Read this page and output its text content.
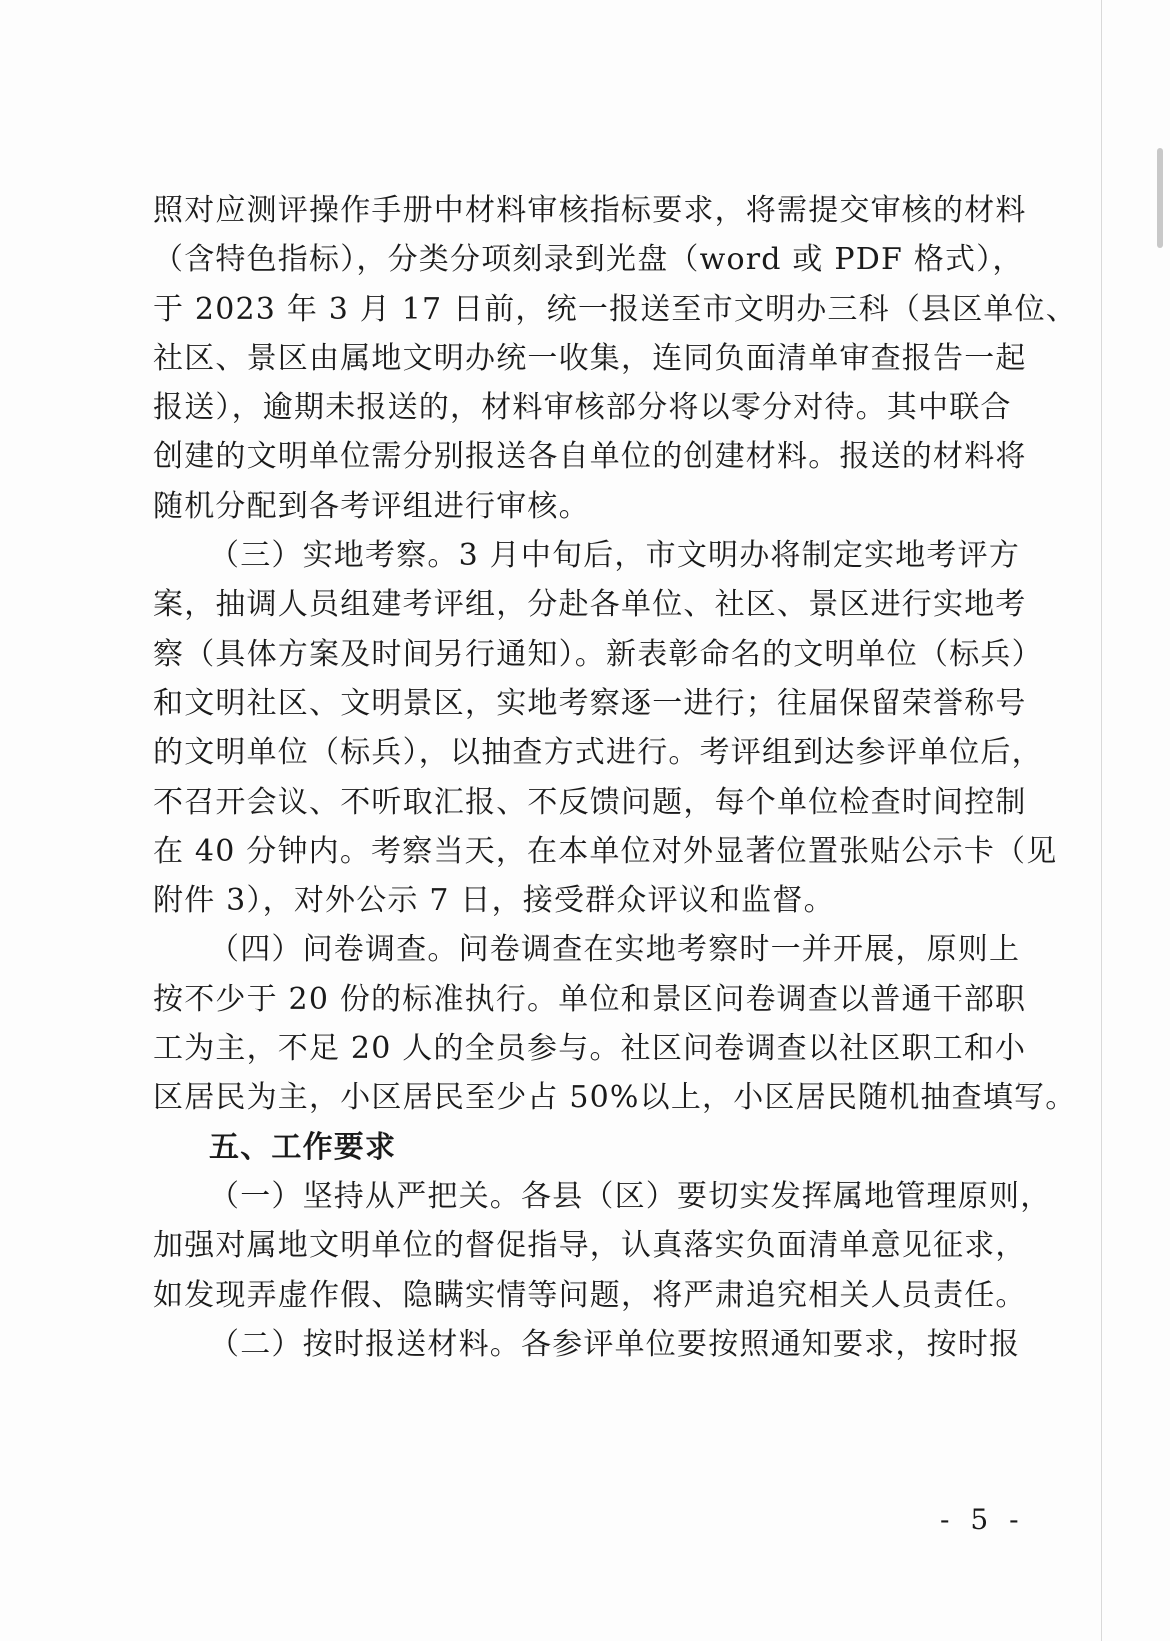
照对应测评操作手册中材料审核指标要求，将需提交审核的材料
（含特色指标），分类分项刻录到光盘（word 或 PDF 格式），
于 2023 年 3 月 17 日前，统一报送至市文明办三科（县区单位、
社区、景区由属地文明办统一收集，连同负面清单审查报告一起
报送），逾期未报送的，材料审核部分将以零分对待。其中联合
创建的文明单位需分别报送各自单位的创建材料。报送的材料将
随机分配到各考评组进行审核。
（三）实地考察。3 月中旬后，市文明办将制定实地考评方
案，抽调人员组建考评组，分赴各单位、社区、景区进行实地考
察（具体方案及时间另行通知）。新表彰命名的文明单位（标兵）
和文明社区、文明景区，实地考察逐一进行；往届保留荣誉称号
的文明单位（标兵），以抽查方式进行。考评组到达参评单位后，
不召开会议、不听取汇报、不反馈问题，每个单位检查时间控制
在 40 分钟内。考察当天，在本单位对外显著位置张贴公示卡（见
附件 3），对外公示 7 日，接受群众评议和监督。
（四）问卷调查。问卷调查在实地考察时一并开展，原则上
按不少于 20 份的标准执行。单位和景区问卷调查以普通干部职
工为主，不足 20 人的全员参与。社区问卷调查以社区职工和小
区居民为主，小区居民至少占 50%以上，小区居民随机抽查填写。
五、工作要求
（一）坚持从严把关。各县（区）要切实发挥属地管理原则，
加强对属地文明单位的督促指导，认真落实负面清单意见征求，
如发现弄虚作假、隐瞒实情等问题，将严肃追究相关人员责任。
（二）按时报送材料。各参评单位要按照通知要求，按时报
- 5 -
